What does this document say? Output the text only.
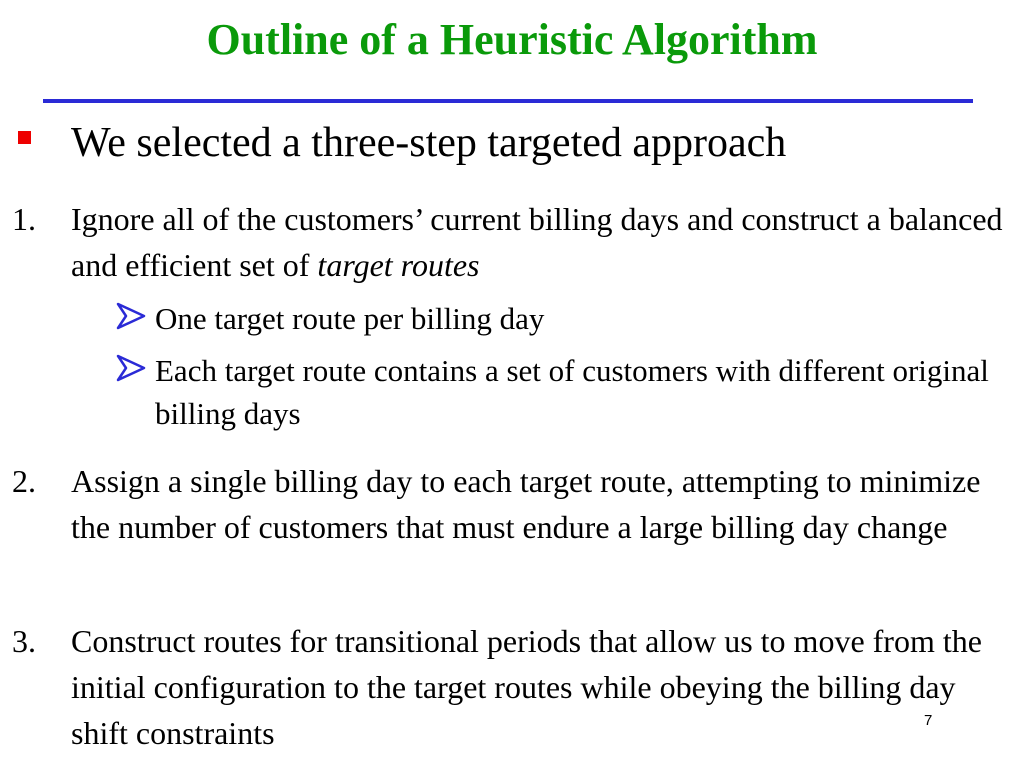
Outline of a Heuristic Algorithm
We selected a three-step targeted approach
1. Ignore all of the customers’ current billing days and construct a balanced and efficient set of target routes
One target route per billing day
Each target route contains a set of customers with different original billing days
2. Assign a single billing day to each target route, attempting to minimize the number of customers that must endure a large billing day change
3. Construct routes for transitional periods that allow us to move from the initial configuration to the target routes while obeying the billing day shift constraints	7
